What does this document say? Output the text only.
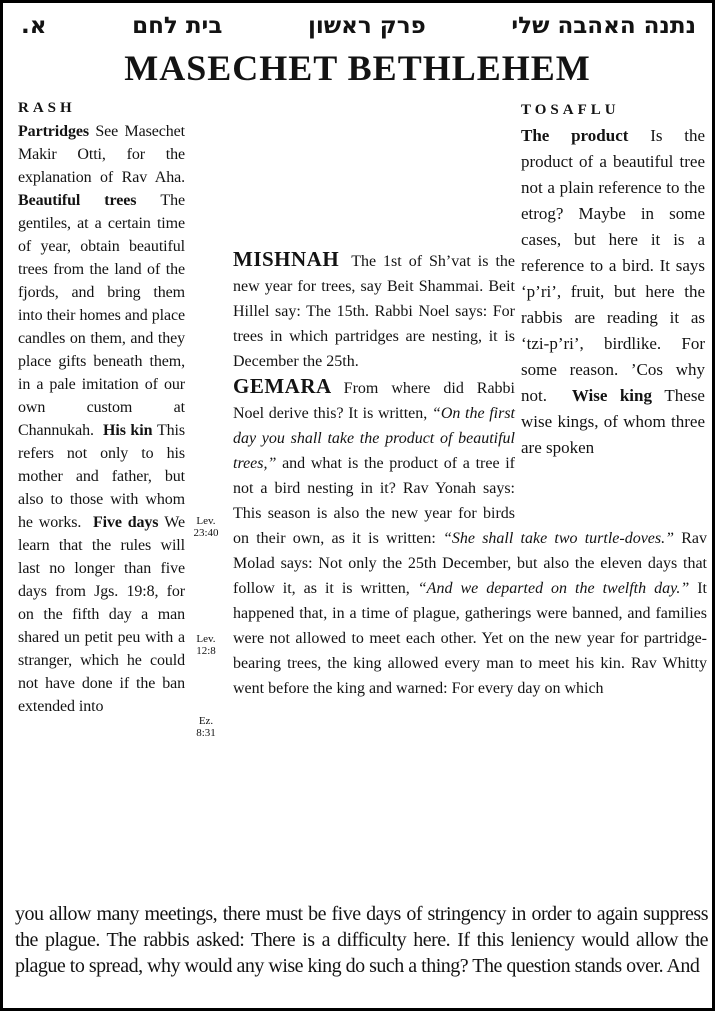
א.	בית לחם	פרק ראשון	נתנה האהבה שלי
MASECHET BETHLEHEM
RASH

Partridges See Masechet Makir Otti, for the explanation of Rav Aha. Beautiful trees The gentiles, at a certain time of year, obtain beautiful trees from the land of the fjords, and bring them into their homes and place candles on them, and they place gifts beneath them, in a pale imitation of our own custom at Channukah.  His kin This refers not only to his mother and father, but also to those with whom he works.  Five days We learn that the rules will last no longer than five days from Jgs. 19:8, for on the fifth day a man shared un petit peu with a stranger, which he could not have done if the ban extended into

TOSAFLU

The product Is the product of a beautiful tree not a plain reference to the etrog? Maybe in some cases, but here it is a reference to a bird. It says ‘p’ri’, fruit, but here the rabbis are reading it as ‘tzi-p’ri’, birdlike. For some reason. ’Cos why not.  Wise king These wise kings, of whom three are spoken

MISHNAH The 1st of Sh’vat is the new year for trees, say Beit Shammai. Beit Hillel say: The 15th. Rabbi Noel says: For trees in which partridges are nesting, it is December the 25th.

GEMARA From where did Rabbi Noel derive this? It is written, “On the first day you shall take the product of beautiful trees,” and what is the product of a tree if not a bird nesting in it? Rav Yonah says: This season is also the new year for birds on their own, as it is written: “She shall take two turtle-doves.” Rav Molad says: Not only the 25th December, but also the eleven days that follow it, as it is written, “And we departed on the twelfth day.” It happened that, in a time of plague, gatherings were banned, and families were not allowed to meet each other. Yet on the new year for partridge-bearing trees, the king allowed every man to meet his kin. Rav Whitty went before the king and warned: For every day on which

you allow many meetings, there must be five days of stringency in order to again suppress the plague. The rabbis asked: There is a difficulty here. If this leniency would allow the plague to spread, why would any wise king do such a thing? The question stands over. And

Lev.
23:40
Lev.
12:8
Ez.
8:31
